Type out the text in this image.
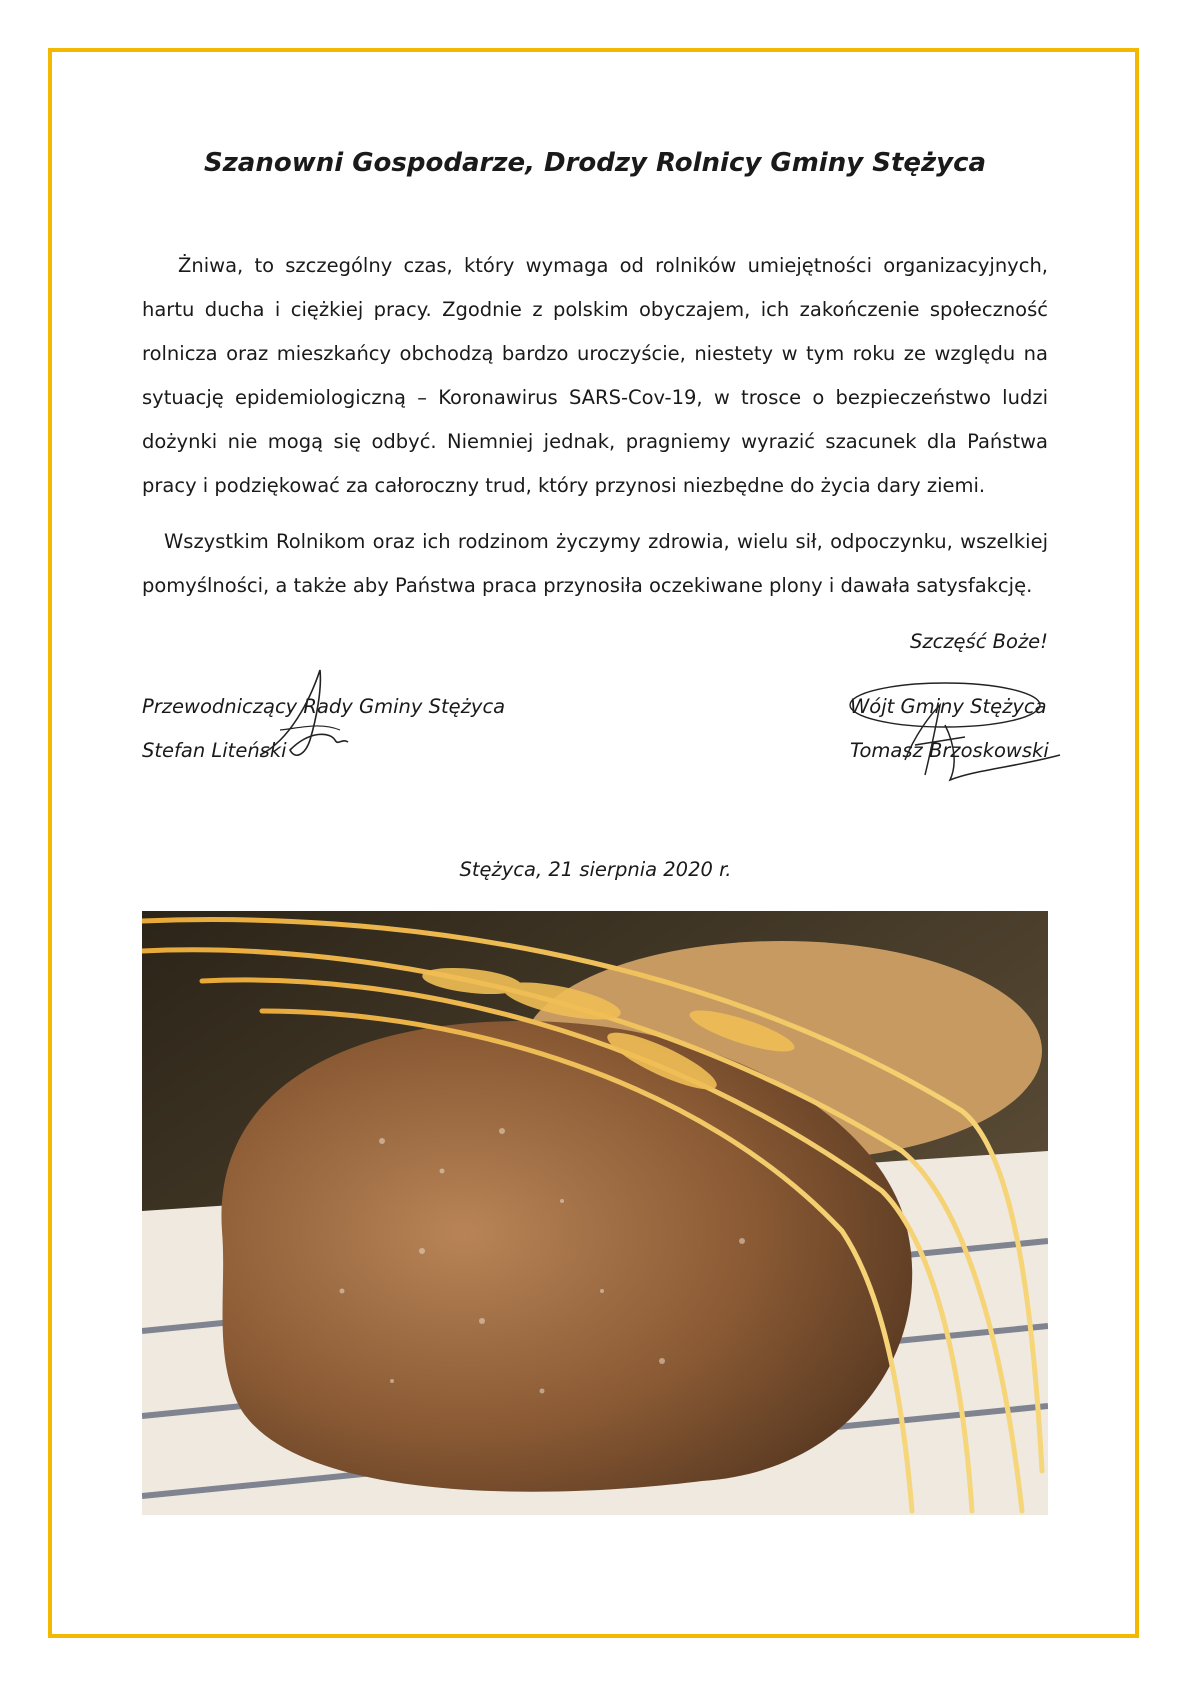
Szanowni Gospodarze, Drodzy Rolnicy Gminy Stężyca

Żniwa, to szczególny czas, który wymaga od rolników umiejętności organizacyjnych, hartu ducha i ciężkiej pracy. Zgodnie z polskim obyczajem, ich zakończenie społeczność rolnicza oraz mieszkańcy obchodzą bardzo uroczyście, niestety w tym roku ze względu na sytuację epidemiologiczną – Koronawirus SARS-Cov-19, w trosce o bezpieczeństwo ludzi dożynki nie mogą się odbyć. Niemniej jednak, pragniemy wyrazić szacunek dla Państwa pracy i podziękować za całoroczny trud, który przynosi niezbędne do życia dary ziemi.

Wszystkim Rolnikom oraz ich rodzinom życzymy zdrowia, wielu sił, odpoczynku, wszelkiej pomyślności, a także aby Państwa praca przynosiła oczekiwane plony i dawała satysfakcję.

Szczęść Boże!
Przewodniczący Rady Gminy Stężyca
Stefan Liteński
Wójt Gminy Stężyca
Tomasz Brzoskowski
Stężyca, 21 sierpnia 2020 r.
